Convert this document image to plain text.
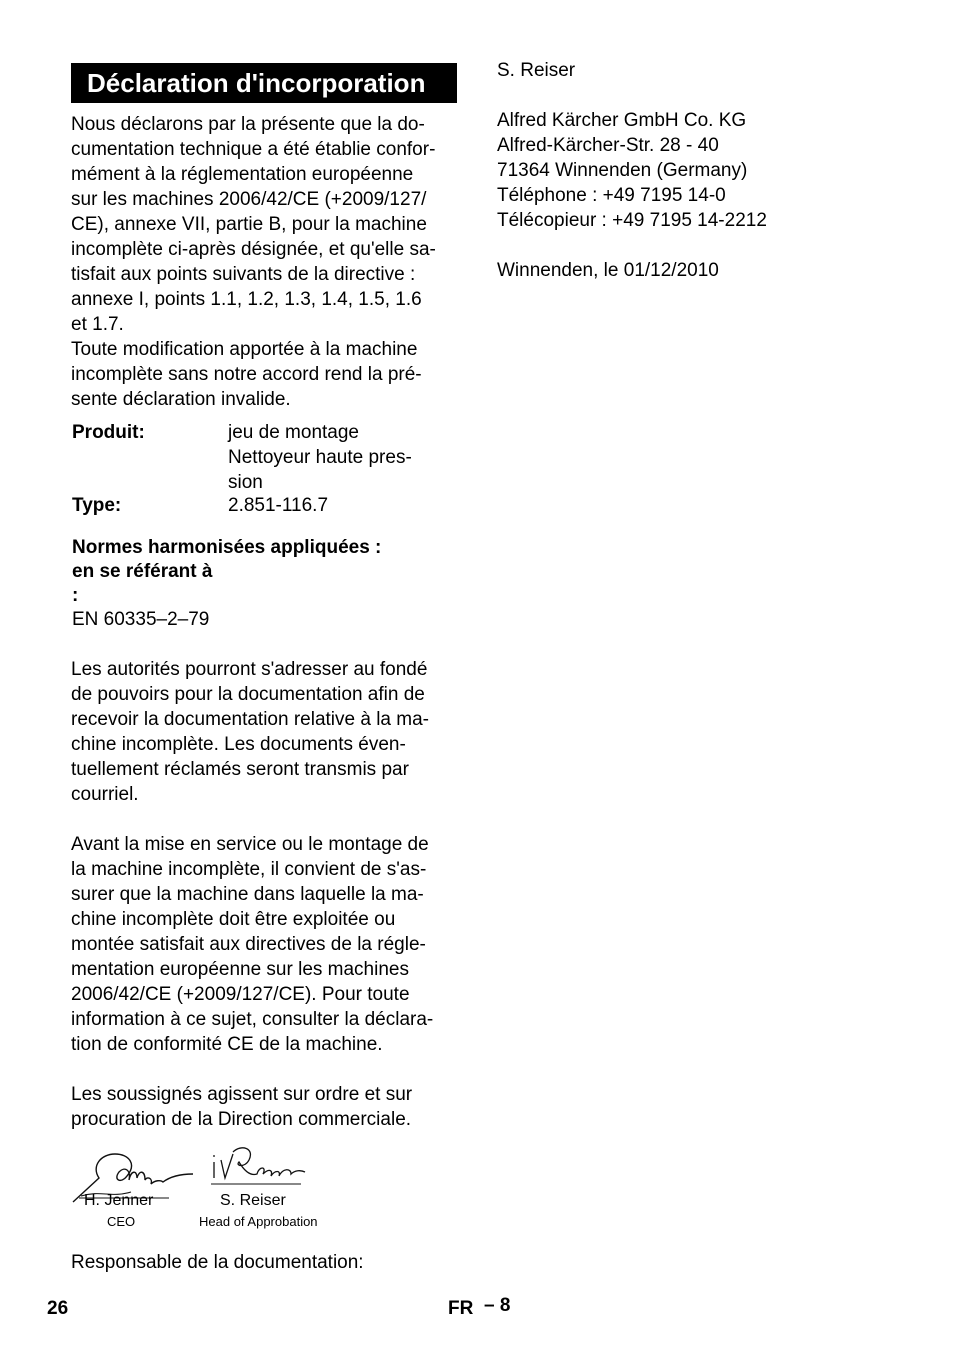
Déclaration d'incorporation

Nous déclarons par la présente que la do-
cumentation technique a été établie confor-
mément à la réglementation européenne
sur les machines 2006/42/CE (+2009/127/
CE), annexe VII, partie B, pour la machine
incomplète ci-après désignée, et qu'elle sa-
tisfait aux points suivants de la directive :
annexe I, points 1.1, 1.2, 1.3, 1.4, 1.5, 1.6
et 1.7.
Toute modification apportée à la machine
incomplète sans notre accord rend la pré-
sente déclaration invalide.

Produit:	jeu de montage
Nettoyeur haute pres-
sion
Type:	2.851-116.7
Normes harmonisées appliquées :
en se référant à
:
EN 60335–2–79

Les autorités pourront s'adresser au fondé
de pouvoirs pour la documentation afin de
recevoir la documentation relative à la ma-
chine incomplète. Les documents éven-
tuellement réclamés seront transmis par
courriel.

Avant la mise en service ou le montage de
la machine incomplète, il convient de s'as-
surer que la machine dans laquelle la ma-
chine incomplète doit être exploitée ou
montée satisfait aux directives de la régle-
mentation européenne sur les machines
2006/42/CE (+2009/127/CE). Pour toute
information à ce sujet, consulter la déclara-
tion de conformité CE de la machine.

Les soussignés agissent sur ordre et sur
procuration de la Direction commerciale.

H. Jenner
CEO
S. Reiser
Head of Approbation
Responsable de la documentation:
S. Reiser

Alfred Kärcher GmbH Co. KG
Alfred-Kärcher-Str. 28 - 40
71364 Winnenden (Germany)
Téléphone : +49 7195 14-0
Télécopieur : +49 7195 14-2212

Winnenden, le 01/12/2010
26	FR – 8
